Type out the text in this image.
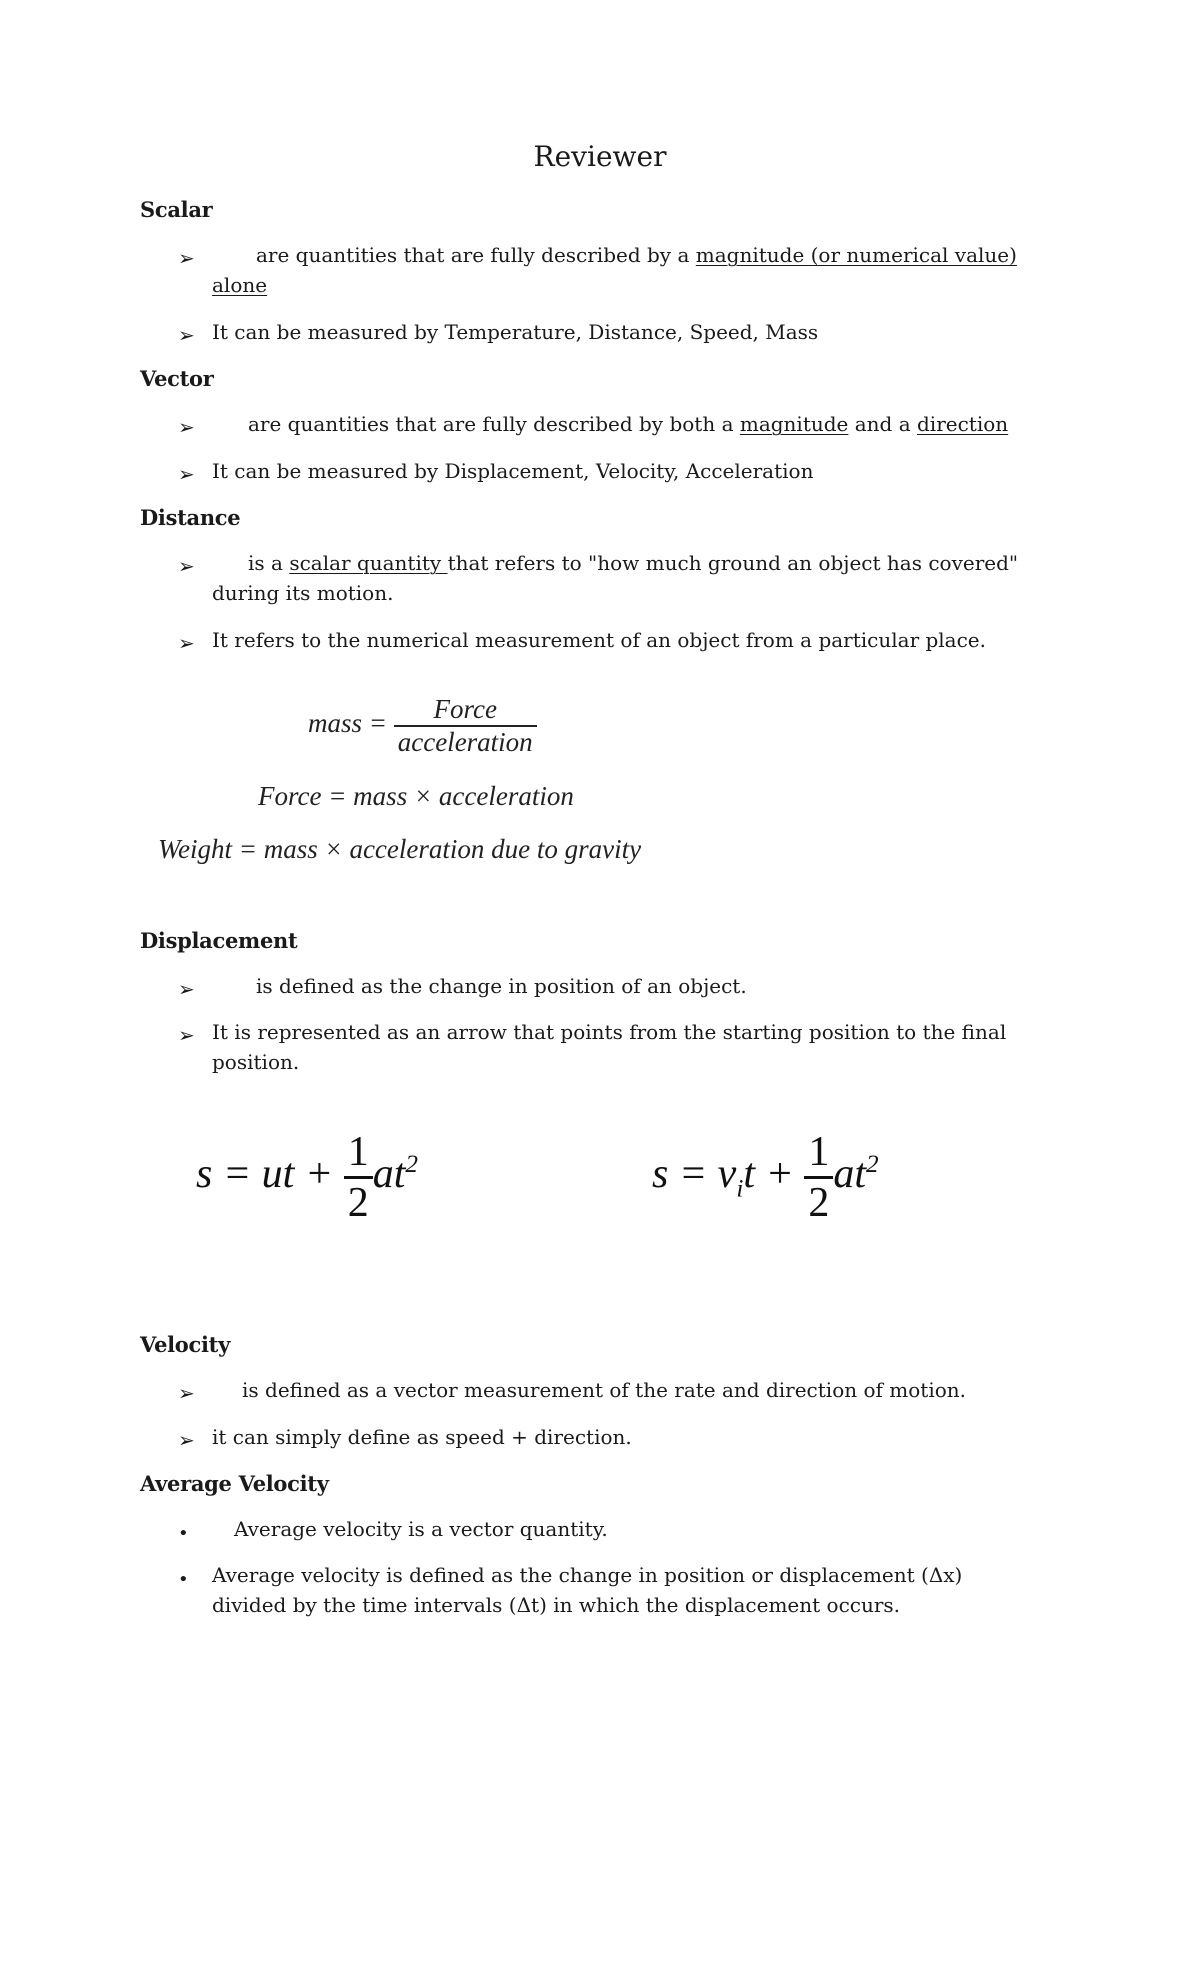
Reviewer
Scalar
➢	are quantities that are fully described by a magnitude (or numerical value)
alone
➢ It can be measured by Temperature, Distance, Speed, Mass
Vector
➢	are quantities that are fully described by both a magnitude and a direction
➢ It can be measured by Displacement, Velocity, Acceleration
Distance
➢	is a scalar quantity that refers to "how much ground an object has covered"
during its motion.
➢ It refers to the numerical measurement of an object from a particular place.
mass = $\frac{\text{Force}}{\text{acceleration}}$
Force = mass × acceleration
Weight = mass × acceleration due to gravity
Displacement
➢	is defined as the change in position of an object.
➢ It is represented as an arrow that points from the starting position to the final
position.
s = ut + $\frac{1}{2} at^2$	$s = v_it + \frac{1}{2} at^2$
Velocity
➢	is defined as a vector measurement of the rate and direction of motion.
➢ it can simply define as speed + direction.
Average Velocity
•	Average velocity is a vector quantity.
• Average velocity is defined as the change in position or displacement (Δx)
divided by the time intervals (Δt) in which the displacement occurs.
